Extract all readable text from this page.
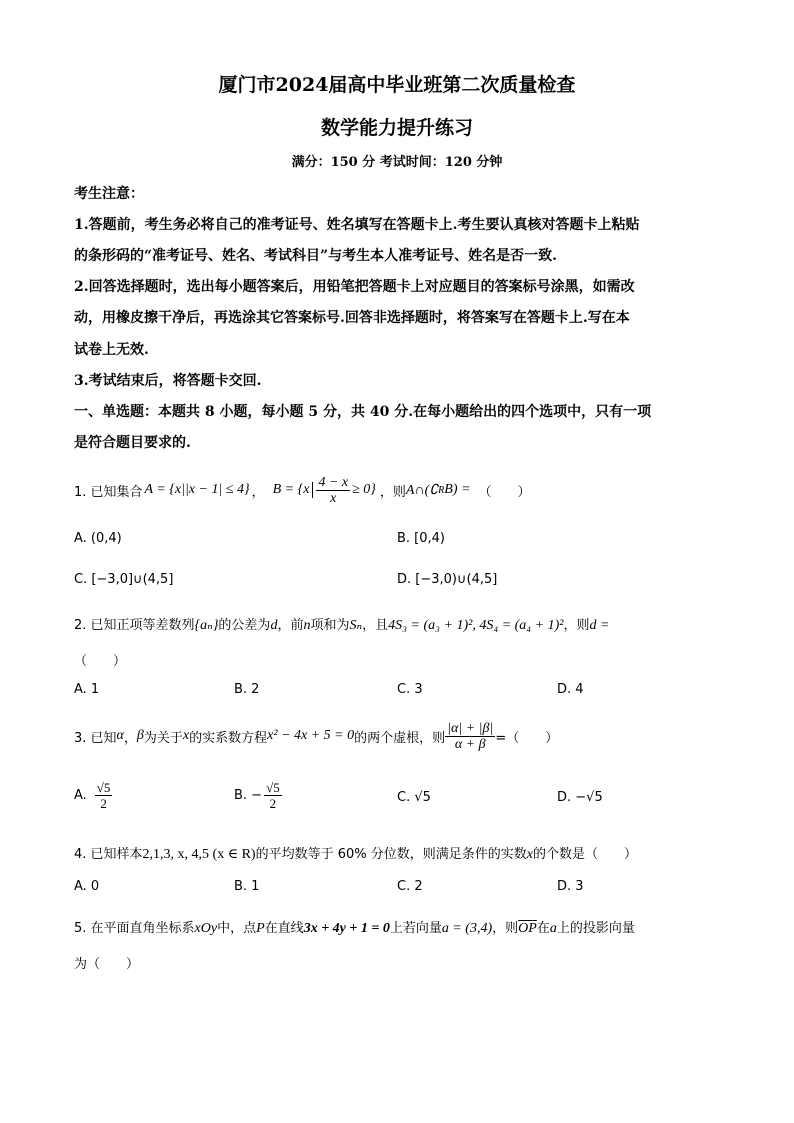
厦门市2024届高中毕业班第二次质量检查
数学能力提升练习
满分：150 分 考试时间：120 分钟
考生注意：
1.答题前，考生务必将自己的准考证号、姓名填写在答题卡上.考生要认真核对答题卡上粘贴
的条形码的“准考证号、姓名、考试科目”与考生本人准考证号、姓名是否一致.
2.回答选择题时，选出每小题答案后，用铅笔把答题卡上对应题目的答案标号涂黑，如需改
动，用橡皮擦干净后，再选涂其它答案标号.回答非选择题时，将答案写在答题卡上.写在本
试卷上无效.
3.考试结束后，将答题卡交回.
一、单选题：本题共 8 小题，每小题 5 分，共 40 分.在每小题给出的四个选项中，只有一项
是符合题目要求的.
1. 已知集合 A = {x||x − 1| ≤ 4} ， $B = \{x \frac{4 - x}{x} \ge 0\}$ ，则 A∩(∁ R B) = （　　）
A. (0,4)	B. [0,4)
C. [−3,0]∪(4,5]	D. [−3,0)∪(4,5]
2. 已知正项等差数列{aₙ}的公差为d，前n项和为Sₙ，且4S₃ = (a₃ + 1)², 4S₄ = (a₄ + 1)²，则d =
（　　）
A. 1	B. 2	C. 3	D. 4
3. 已知 α ， β 为关于 x 的实系数方程 x² − 4x + 5 = 0 的两个虚根，则 $\frac{|\alpha| + |\beta|}{\alpha + \beta}$ =（　　）
A. $\frac{√5}{2}$	B. − $\frac{√5}{2}$	C. √5	D. −√5
4. 已知样本2,1,3, x, 4,5 (x ∈ R)的平均数等于 60% 分位数，则满足条件的实数x的个数是（　　）
A. 0	B. 1	C. 2	D. 3
5. 在平面直角坐标系xOy中，点P在直线3x + 4y + 1 = 0上若向量a = (3,4)，则$\overline{OP}$在a上的投影向量
为（　　）
